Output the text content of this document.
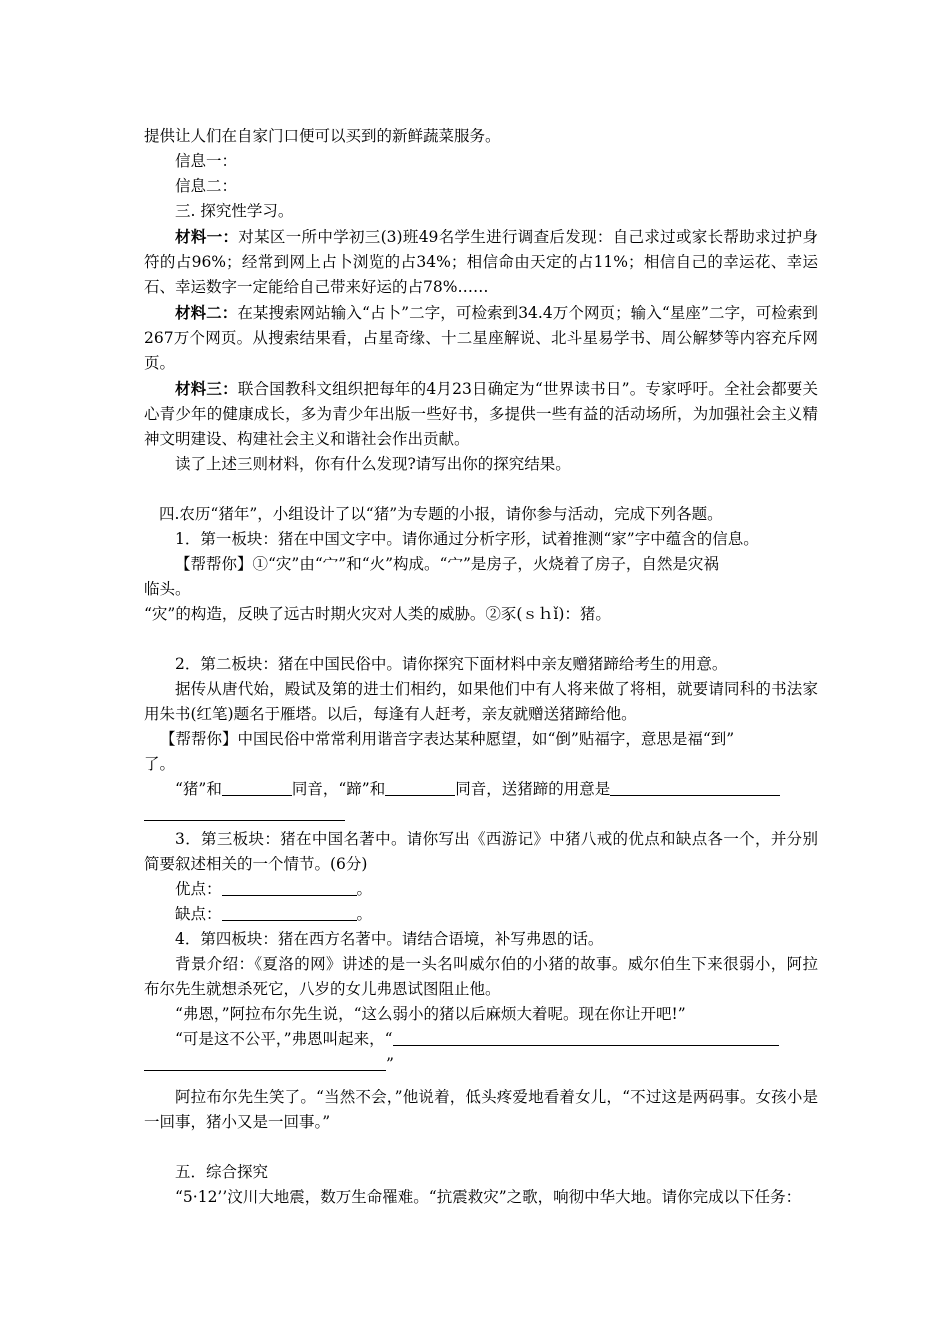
提供让人们在自家门口便可以买到的新鲜蔬菜服务。

信息一：

信息二：

三. 探究性学习。

材料一：对某区一所中学初三(3)班49名学生进行调查后发现：自己求过或家长帮助求过护身符的占96%；经常到网上占卜浏览的占34%；相信命由天定的占11%；相信自己的幸运花、幸运石、幸运数字一定能给自己带来好运的占78%……

材料二：在某搜索网站输入“占卜”二字，可检索到34.4万个网页；输入“星座”二字，可检索到267万个网页。从搜索结果看，占星奇缘、十二星座解说、北斗星易学书、周公解梦等内容充斥网页。

材料三：联合国教科文组织把每年的4月23日确定为“世界读书日”。专家呼吁。全社会都要关心青少年的健康成长，多为青少年出版一些好书，多提供一些有益的活动场所，为加强社会主义精神文明建设、构建社会主义和谐社会作出贡献。

读了上述三则材料，你有什么发现?请写出你的探究结果。

四.农历“猪年”，小组设计了以“猪”为专题的小报，请你参与活动，完成下列各题。

1．第一板块：猪在中国文字中。请你通过分析字形，试着推测“家”字中蕴含的信息。

【帮帮你】①“灾”由“宀”和“火”构成。“宀”是房子，火烧着了房子，自然是灾祸

临头。

“灾”的构造，反映了远古时期火灾对人类的威胁。②豕(ｓｈǐ)：猪。

2．第二板块：猪在中国民俗中。请你探究下面材料中亲友赠猪蹄给考生的用意。

据传从唐代始，殿试及第的进士们相约，如果他们中有人将来做了将相，就要请同科的书法家用朱书(红笔)题名于雁塔。以后，每逢有人赶考，亲友就赠送猪蹄给他。

【帮帮你】中国民俗中常常利用谐音字表达某种愿望，如“倒”贴福字，意思是福“到”

了。

“猪”和	同音，“蹄”和	同音，送猪蹄的用意是

3．第三板块：猪在中国名著中。请你写出《西游记》中猪八戒的优点和缺点各一个，并分别简要叙述相关的一个情节。(6分)

优点：	。

缺点：	。

4．第四板块：猪在西方名著中。请结合语境，补写弗恩的话。

背景介绍：《夏洛的网》讲述的是一头名叫威尔伯的小猪的故事。威尔伯生下来很弱小，阿拉布尔先生就想杀死它，八岁的女儿弗恩试图阻止他。

“弗恩，”阿拉布尔先生说，“这么弱小的猪以后麻烦大着呢。现在你让开吧!”

“可是这不公平，”弗恩叫起来，“

”

阿拉布尔先生笑了。“当然不会，”他说着，低头疼爱地看着女儿，“不过这是两码事。女孩小是一回事，猪小又是一回事。”

五．综合探究

“5·12’’汶川大地震，数万生命罹难。“抗震救灾”之歌，响彻中华大地。请你完成以下任务：
